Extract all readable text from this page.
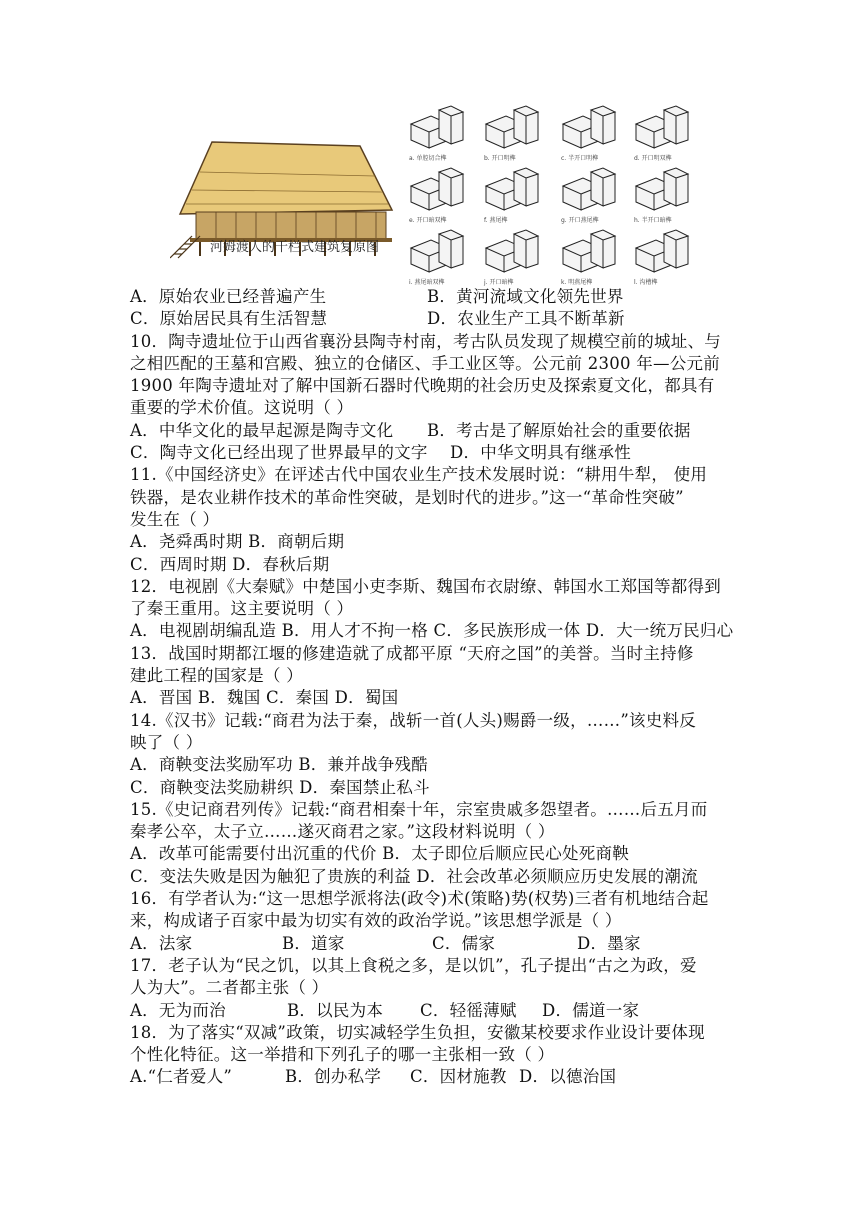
河姆渡人的干栏式建筑复原图
a. 单腔切合榫	b. 开口明榫	c. 半开口明榫	d. 开口明双榫
e. 开口暗双榫	f. 燕尾榫	g. 开口燕尾榫	h. 半开口暗榫
i. 燕尾暗双榫	j. 开口暗榫	k. 明燕尾榫	l. 沟槽榫
A．原始农业已经普遍产生	B．黄河流域文化领先世界
C．原始居民具有生活智慧	D．农业生产工具不断革新
10．陶寺遗址位于山西省襄汾县陶寺村南，考古队员发现了规模空前的城址、与
之相匹配的王墓和宫殿、独立的仓储区、手工业区等。公元前 2300 年—公元前
1900 年陶寺遗址对了解中国新石器时代晚期的社会历史及探索夏文化，都具有
重要的学术价值。这说明（ ）
A．中华文化的最早起源是陶寺文化	B．考古是了解原始社会的重要依据
C．陶寺文化已经出现了世界最早的文字	D．中华文明具有继承性
11.《中国经济史》在评述古代中国农业生产技术发展时说：“耕用牛犁， 使用
铁器，是农业耕作技术的革命性突破，是划时代的进步。”这一“革命性突破”
发生在（ ）
A．尧舜禹时期 B．商朝后期
C．西周时期 D．春秋后期
12．电视剧《大秦赋》中楚国小吏李斯、魏国布衣尉缭、韩国水工郑国等都得到
了秦王重用。这主要说明（ ）
A．电视剧胡编乱造 B．用人才不拘一格 C．多民族形成一体 D．大一统万民归心
13．战国时期都江堰的修建造就了成都平原 “天府之国”的美誉。当时主持修
建此工程的国家是（ ）
A．晋国 B．魏国 C．秦国 D．蜀国
14.《汉书》记载:“商君为法于秦，战斩一首(人头)赐爵一级，……”该史料反
映了（ ）
A．商鞅变法奖励军功 B．兼并战争残酷
C．商鞅变法奖励耕织 D．秦国禁止私斗
15.《史记商君列传》记载:“商君相秦十年，宗室贵戚多怨望者。……后五月而
秦孝公卒，太子立……遂灭商君之家。”这段材料说明（ ）
A．改革可能需要付出沉重的代价 B．太子即位后顺应民心处死商鞅
C．变法失败是因为触犯了贵族的利益 D．社会改革必须顺应历史发展的潮流
16．有学者认为:“这一思想学派将法(政令)术(策略)势(权势)三者有机地结合起
来，构成诸子百家中最为切实有效的政治学说。”该思想学派是（ ）
A．法家	B．道家	C．儒家	D．墨家
17．老子认为“民之饥，以其上食税之多，是以饥”，孔子提出“古之为政，爱
人为大”。二者都主张（ ）
A．无为而治	B．以民为本	C．轻徭薄赋	D．儒道一家
18．为了落实“双减”政策，切实减轻学生负担，安徽某校要求作业设计要体现
个性化特征。这一举措和下列孔子的哪一主张相一致（ ）
A.“仁者爱人”	B．创办私学	C．因材施教 D．以德治国
